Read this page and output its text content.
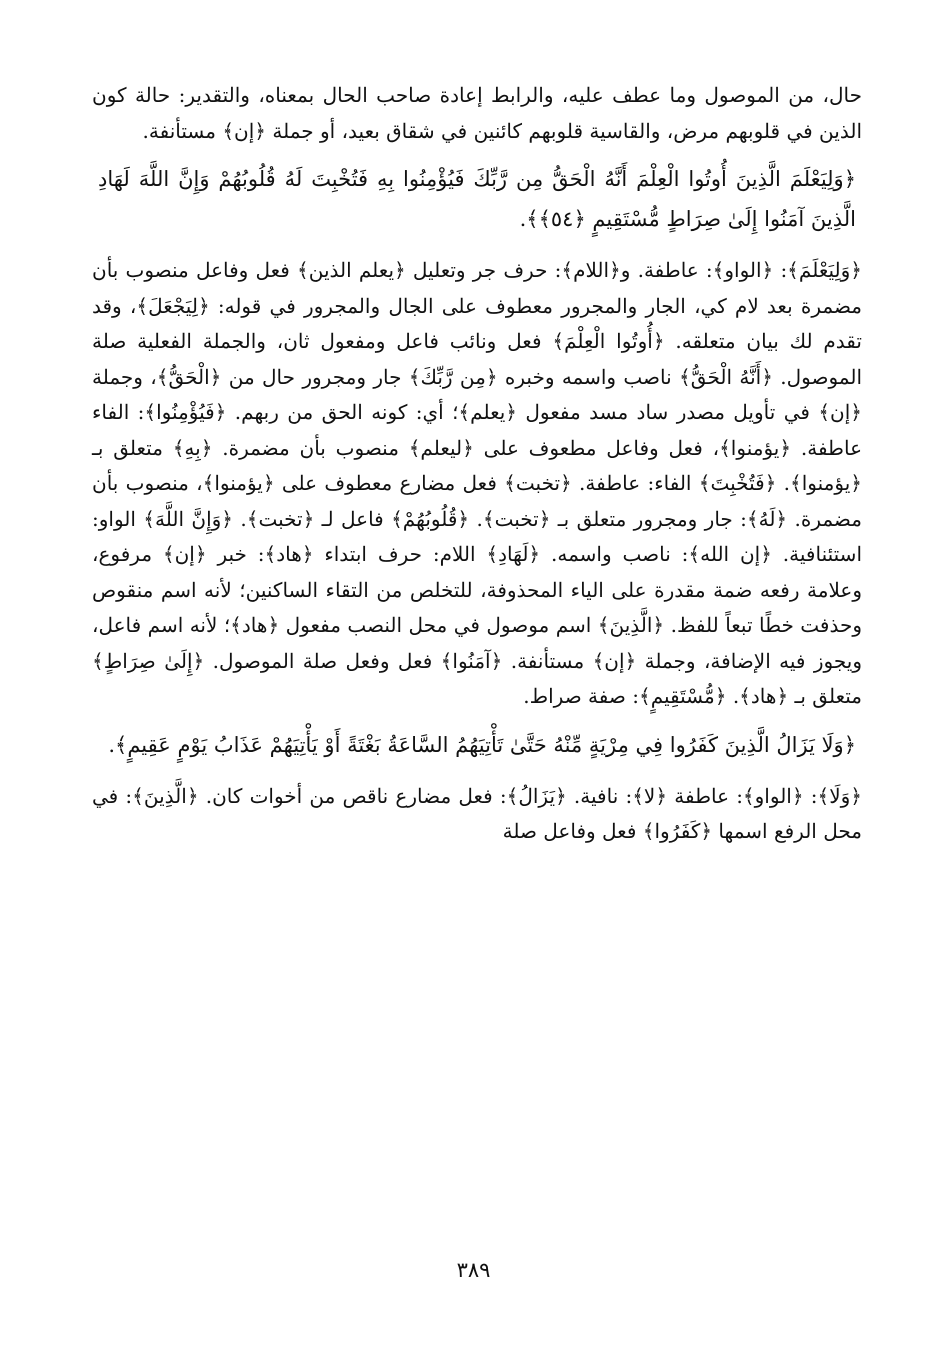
حال، من الموصول وما عطف عليه، والرابط إعادة صاحب الحال بمعناه، والتقدير: حالة كون الذين في قلوبهم مرض، والقاسية قلوبهم كائنين في شقاق بعيد، أو جملة ﴿إن﴾ مستأنفة.

﴿وَلِيَعْلَمَ الَّذِينَ أُوتُوا الْعِلْمَ أَنَّهُ الْحَقُّ مِن رَّبِّكَ فَيُؤْمِنُوا بِهِ فَتُخْبِتَ لَهُ قُلُوبُهُمْ وَإِنَّ اللَّهَ لَهَادِ الَّذِينَ آمَنُوا إِلَىٰ صِرَاطٍ مُّسْتَقِيمٍ ﴿٥٤﴾﴾.

﴿وَلِيَعْلَمَ﴾: ﴿الواو﴾: عاطفة. و﴿اللام﴾: حرف جر وتعليل ﴿يعلم الذين﴾ فعل وفاعل منصوب بأن مضمرة بعد لام كي، الجار والمجرور معطوف على الجال والمجرور في قوله: ﴿لِيَجْعَلَ﴾، وقد تقدم لك بيان متعلقه. ﴿أُوتُوا الْعِلْمَ﴾ فعل ونائب فاعل ومفعول ثان، والجملة الفعلية صلة الموصول. ﴿أَنَّهُ الْحَقُّ﴾ ناصب واسمه وخبره ﴿مِن رَّبِّكَ﴾ جار ومجرور حال من ﴿الْحَقُّ﴾، وجملة ﴿إن﴾ في تأويل مصدر ساد مسد مفعول ﴿يعلم﴾؛ أي: كونه الحق من ربهم. ﴿فَيُؤْمِنُوا﴾: الفاء عاطفة. ﴿يؤمنوا﴾، فعل وفاعل مطعوف على ﴿ليعلم﴾ منصوب بأن مضمرة. ﴿بِهِ﴾ متعلق بـ ﴿يؤمنوا﴾. ﴿فَتُخْبِتَ﴾ الفاء: عاطفة. ﴿تخبت﴾ فعل مضارع معطوف على ﴿يؤمنوا﴾، منصوب بأن مضمرة. ﴿لَهُ﴾: جار ومجرور متعلق بـ ﴿تخبت﴾. ﴿قُلُوبُهُمْ﴾ فاعل لـ ﴿تخبت﴾. ﴿وَإِنَّ اللَّهَ﴾ الواو: استئنافية. ﴿إن الله﴾: ناصب واسمه. ﴿لَهَادِ﴾ اللام: حرف ابتداء ﴿هاد﴾: خبر ﴿إن﴾ مرفوع، وعلامة رفعه ضمة مقدرة على الياء المحذوفة، للتخلص من التقاء الساكنين؛ لأنه اسم منقوص وحذفت خطًا تبعاً للفظ. ﴿الَّذِينَ﴾ اسم موصول في محل النصب مفعول ﴿هاد﴾؛ لأنه اسم فاعل، ويجوز فيه الإضافة، وجملة ﴿إن﴾ مستأنفة. ﴿آمَنُوا﴾ فعل وفعل صلة الموصول. ﴿إِلَىٰ صِرَاطٍ﴾ متعلق بـ ﴿هاد﴾. ﴿مُّسْتَقِيمٍ﴾: صفة صراط.

﴿وَلَا يَزَالُ الَّذِينَ كَفَرُوا فِي مِرْيَةٍ مِّنْهُ حَتَّىٰ تَأْتِيَهُمُ السَّاعَةُ بَغْتَةً أَوْ يَأْتِيَهُمْ عَذَابُ يَوْمٍ عَقِيمٍ﴾.

﴿وَلَا﴾: ﴿الواو﴾: عاطفة ﴿لا﴾: نافية. ﴿يَزَالُ﴾: فعل مضارع ناقص من أخوات كان. ﴿الَّذِينَ﴾: في محل الرفع اسمها ﴿كَفَرُوا﴾ فعل وفاعل صلة

٣٨٩
